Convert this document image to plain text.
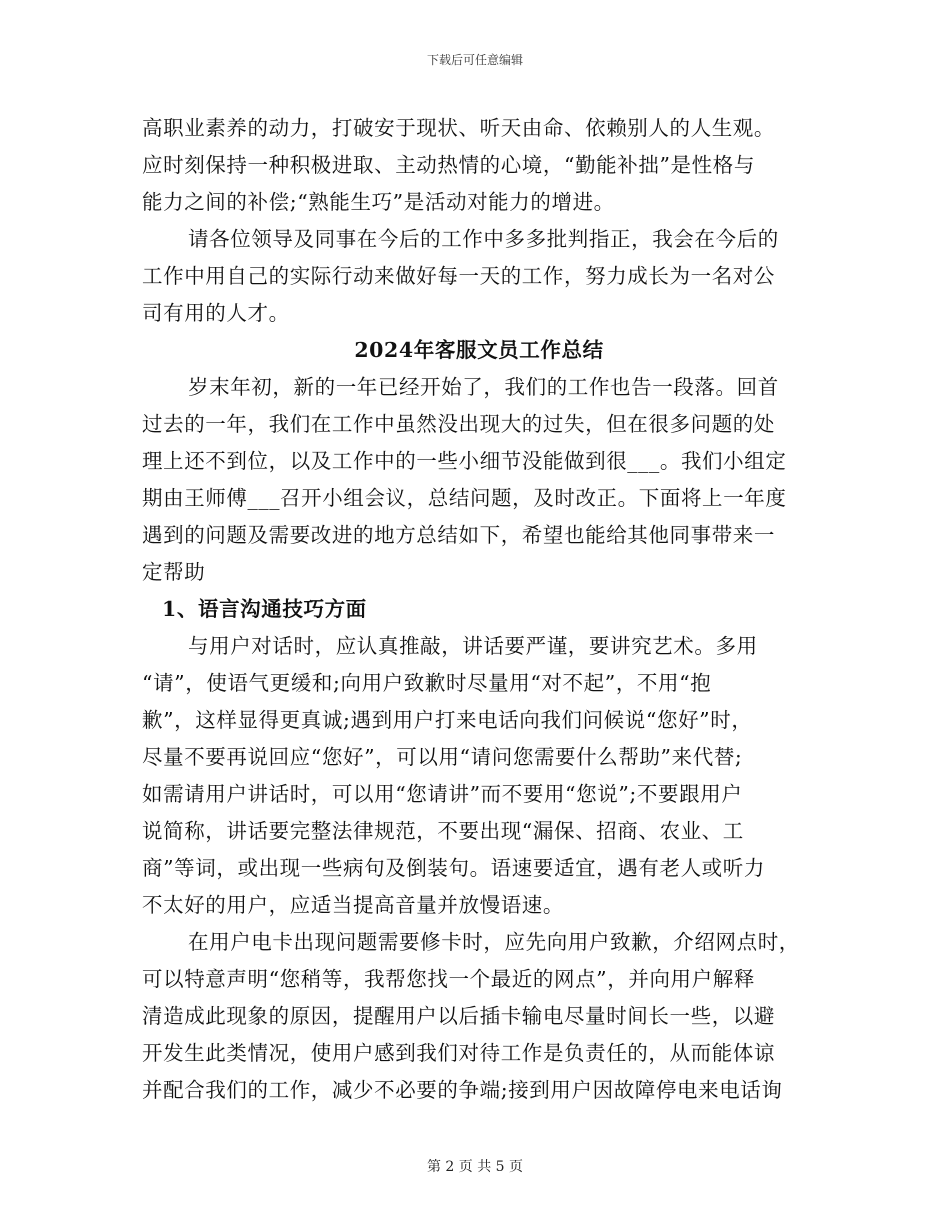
下载后可任意编辑
高职业素养的动力，打破安于现状、听天由命、依赖别人的人生观。
应时刻保持一种积极进取、主动热情的心境，“勤能补拙”是性格与
能力之间的补偿;“熟能生巧”是活动对能力的增进。
请各位领导及同事在今后的工作中多多批判指正，我会在今后的
工作中用自己的实际行动来做好每一天的工作，努力成长为一名对公
司有用的人才。
2024年客服文员工作总结
岁末年初，新的一年已经开始了，我们的工作也告一段落。回首
过去的一年，我们在工作中虽然没出现大的过失，但在很多问题的处
理上还不到位，以及工作中的一些小细节没能做到很___。我们小组定
期由王师傅___召开小组会议，总结问题，及时改正。下面将上一年度
遇到的问题及需要改进的地方总结如下，希望也能给其他同事带来一
定帮助
1、语言沟通技巧方面
与用户对话时，应认真推敲，讲话要严谨，要讲究艺术。多用
“请”，使语气更缓和;向用户致歉时尽量用“对不起”，不用“抱
歉”，这样显得更真诚;遇到用户打来电话向我们问候说“您好”时，
尽量不要再说回应“您好”，可以用“请问您需要什么帮助”来代替;
如需请用户讲话时，可以用“您请讲”而不要用“您说”;不要跟用户
说简称，讲话要完整法律规范，不要出现“漏保、招商、农业、工
商”等词，或出现一些病句及倒装句。语速要适宜，遇有老人或听力
不太好的用户，应适当提高音量并放慢语速。
在用户电卡出现问题需要修卡时，应先向用户致歉，介绍网点时，
可以特意声明“您稍等，我帮您找一个最近的网点”，并向用户解释
清造成此现象的原因，提醒用户以后插卡输电尽量时间长一些，以避
开发生此类情况，使用户感到我们对待工作是负责任的，从而能体谅
并配合我们的工作，减少不必要的争端;接到用户因故障停电来电话询
第 2 页 共 5 页
